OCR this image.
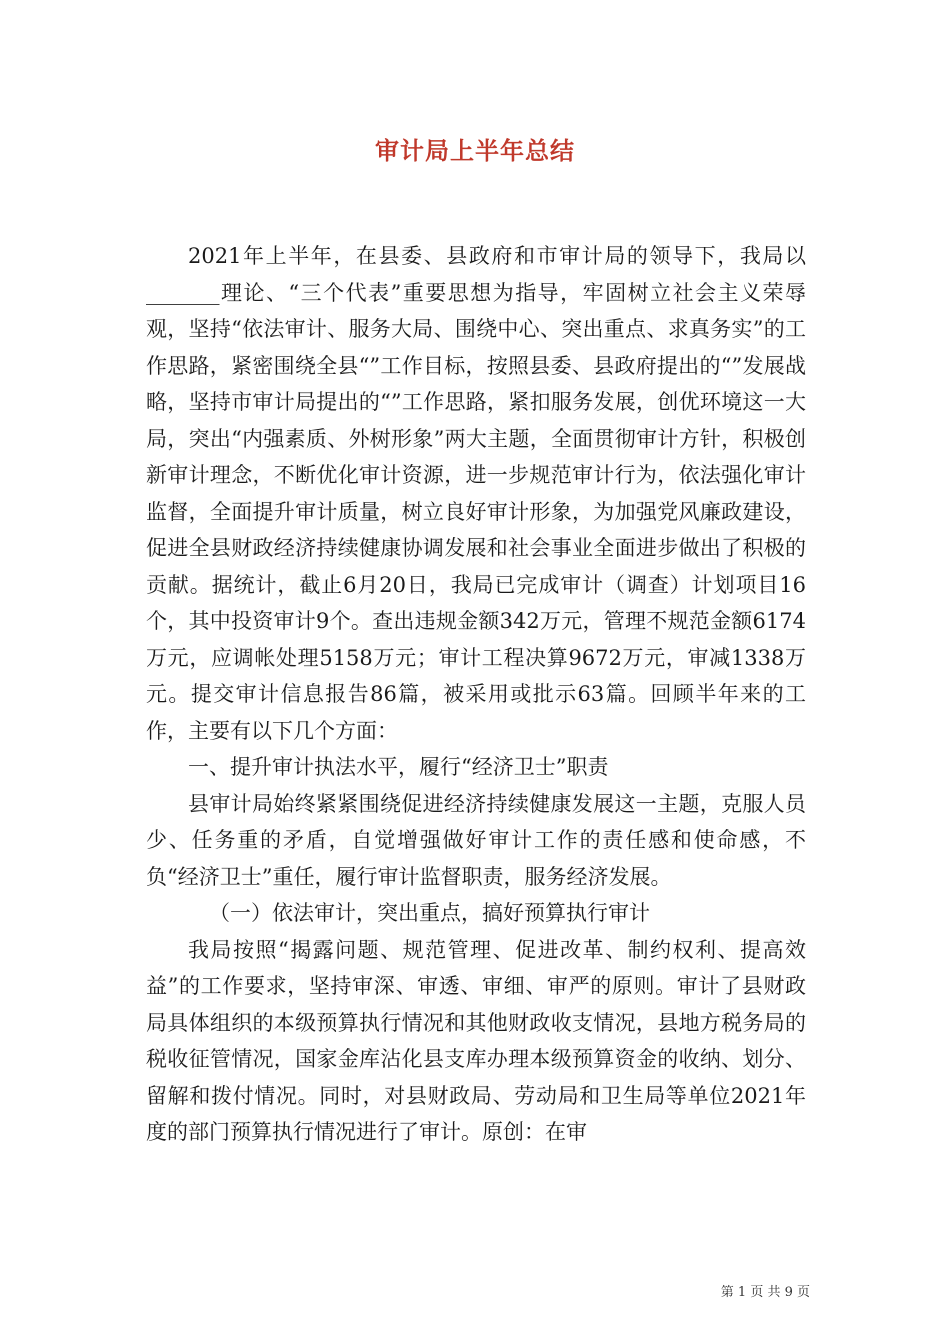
审计局上半年总结

2021年上半年，在县委、县政府和市审计局的领导下，我局以_______理论、“三个代表”重要思想为指导，牢固树立社会主义荣辱观，坚持“依法审计、服务大局、围绕中心、突出重点、求真务实”的工作思路，紧密围绕全县“”工作目标，按照县委、县政府提出的“”发展战略，坚持市审计局提出的“”工作思路，紧扣服务发展，创优环境这一大局，突出“内强素质、外树形象”两大主题，全面贯彻审计方针，积极创新审计理念，不断优化审计资源，进一步规范审计行为，依法强化审计监督，全面提升审计质量，树立良好审计形象，为加强党风廉政建设，促进全县财政经济持续健康协调发展和社会事业全面进步做出了积极的贡献。据统计，截止6月20日，我局已完成审计（调查）计划项目16个，其中投资审计9个。查出违规金额342万元，管理不规范金额6174万元，应调帐处理5158万元；审计工程决算9672万元，审减1338万元。提交审计信息报告86篇，被采用或批示63篇。回顾半年来的工作，主要有以下几个方面：

一、提升审计执法水平，履行“经济卫士”职责

县审计局始终紧紧围绕促进经济持续健康发展这一主题，克服人员少、任务重的矛盾，自觉增强做好审计工作的责任感和使命感，不负“经济卫士”重任，履行审计监督职责，服务经济发展。

（一）依法审计，突出重点，搞好预算执行审计

我局按照“揭露问题、规范管理、促进改革、制约权利、提高效益”的工作要求，坚持审深、审透、审细、审严的原则。审计了县财政局具体组织的本级预算执行情况和其他财政收支情况，县地方税务局的税收征管情况，国家金库沾化县支库办理本级预算资金的收纳、划分、留解和拨付情况。同时，对县财政局、劳动局和卫生局等单位2021年度的部门预算执行情况进行了审计。原创：在审

第 1 页 共 9 页
